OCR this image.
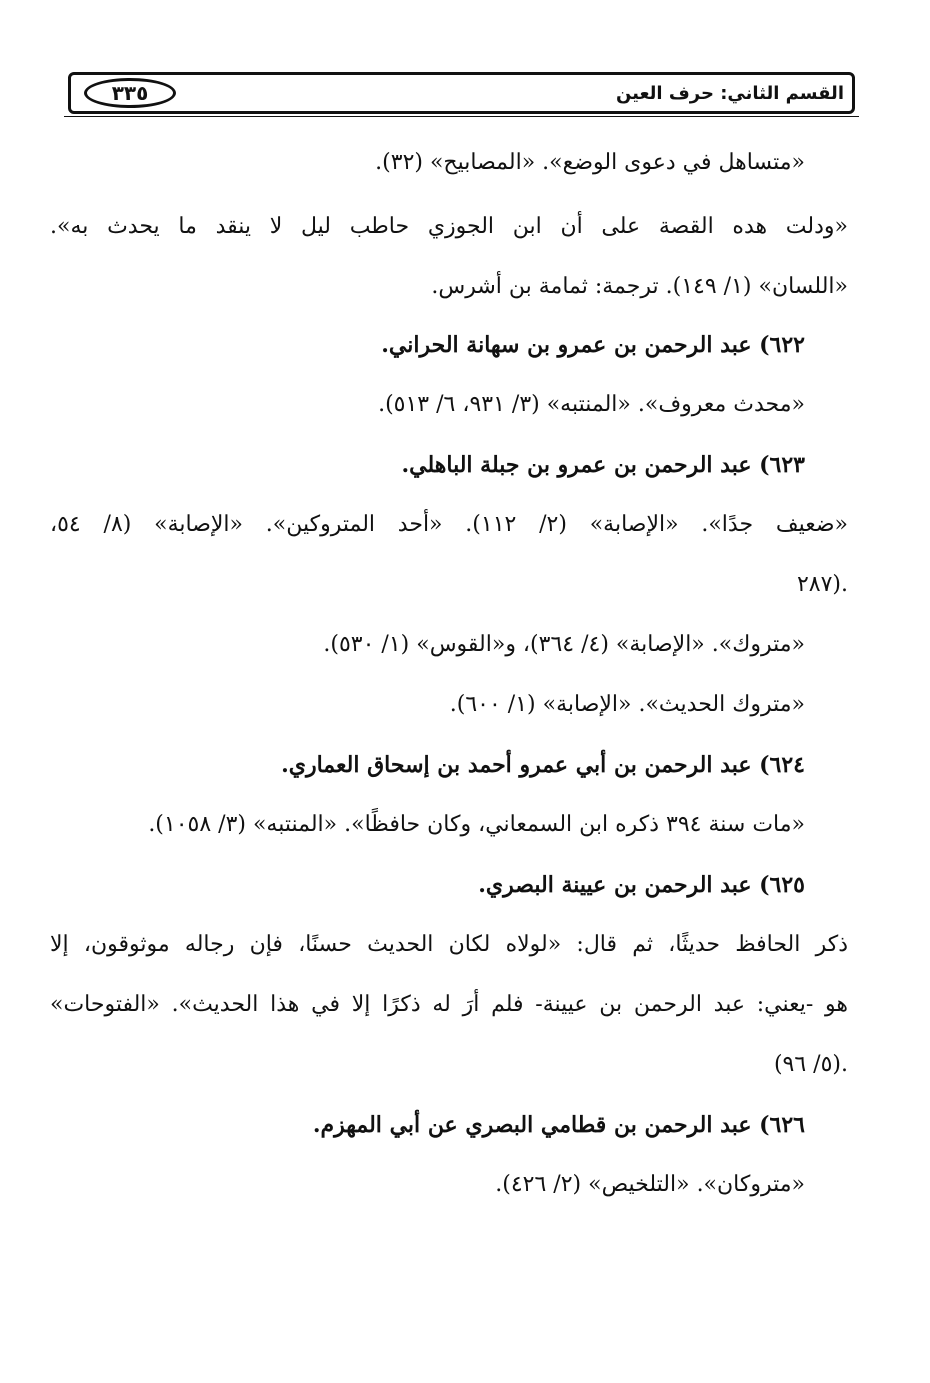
٣٣٥	القسم الثاني: حرف العين
«متساهل في دعوى الوضع». «المصابيح» (٣٢).
«ودلت هده القصة على أن ابن الجوزي حاطب ليل لا ينقد ما يحدث به».
«اللسان» (١/ ١٤٩). ترجمة: ثمامة بن أشرس.
٦٢٢) عبد الرحمن بن عمرو بن سهانة الحراني.
«محدث معروف». «المنتبه» (٣/ ٩٣١، ٦/ ٥١٣).
٦٢٣) عبد الرحمن بن عمرو بن جبلة الباهلي.
«ضعيف جدًا». «الإصابة» (٢/ ١١٢). «أحد المتروكين». «الإصابة» (٨/ ٥٤،
٢٨٧).
«متروك». «الإصابة» (٤/ ٣٦٤)، و«القوس» (١/ ٥٣٠).
«متروك الحديث». «الإصابة» (١/ ٦٠٠).
٦٢٤) عبد الرحمن بن أبي عمرو أحمد بن إسحاق العماري.
«مات سنة ٣٩٤ ذكره ابن السمعاني، وكان حافظًا». «المنتبه» (٣/ ١٠٥٨).
٦٢٥) عبد الرحمن بن عيينة البصري.
ذكر الحافظ حديثًا، ثم قال: «لولاه لكان الحديث حسنًا، فإن رجاله موثوقون، إلا
هو -يعني: عبد الرحمن بن عيينة- فلم أرَ له ذكرًا إلا في هذا الحديث». «الفتوحات»
(٥/ ٩٦).
٦٢٦) عبد الرحمن بن قطامي البصري عن أبي المهزم.
«متروكان». «التلخيص» (٢/ ٤٢٦).
